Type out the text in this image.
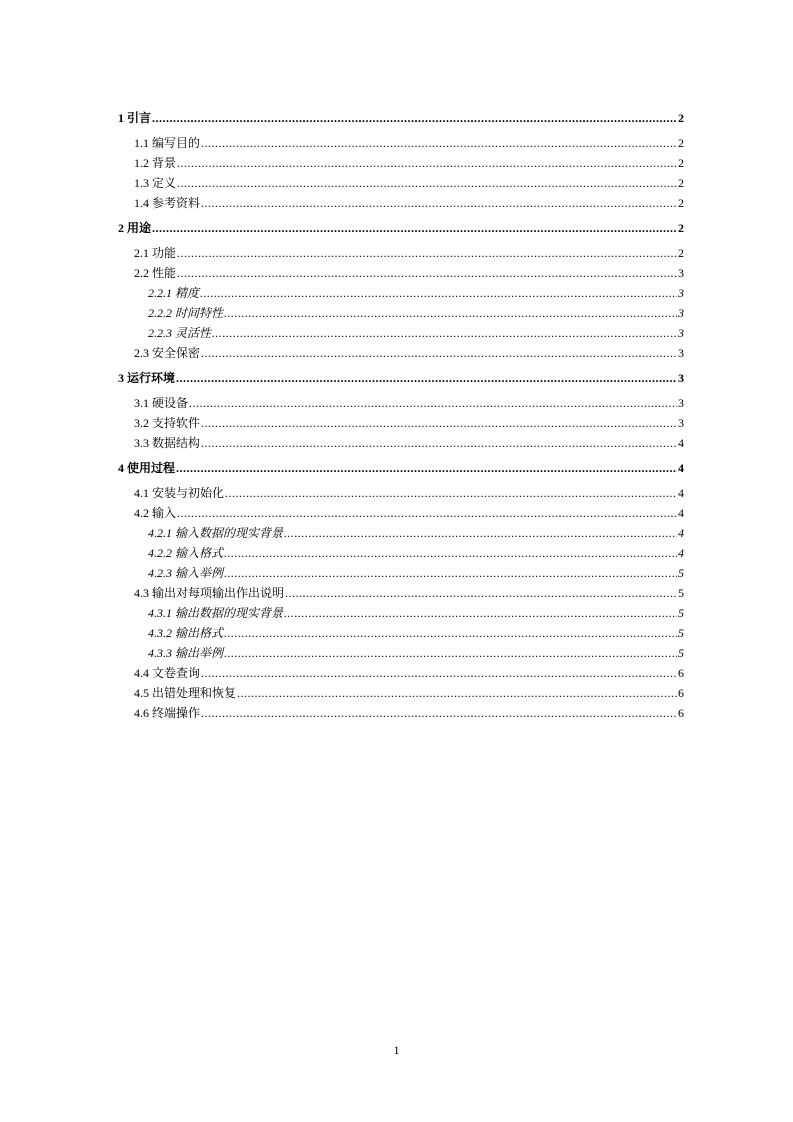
1 引言 .....	2
1.1 编写目的 .....	2
1.2 背景 .....	2
1.3 定义 .....	2
1.4 参考资料 .....	2
2 用途 .....	2
2.1 功能 .....	2
2.2 性能 .....	3
2.2.1 精度 .....	3
2.2.2 时间特性 .....	3
2.2.3 灵活性 .....	3
2.3 安全保密 .....	3
3 运行环境 .....	3
3.1 硬设备 .....	3
3.2 支持软件 .....	3
3.3 数据结构 .....	4
4 使用过程 .....	4
4.1 安装与初始化 .....	4
4.2 输入 .....	4
4.2.1 输入数据的现实背景 .....	4
4.2.2 输入格式 .....	4
4.2.3 输入举例 .....	5
4.3 输出对每项输出作出说明 .....	5
4.3.1 输出数据的现实背景 .....	5
4.3.2 输出格式 .....	5
4.3.3 输出举例 .....	5
4.4 文卷查询 .....	6
4.5 出错处理和恢复 .....	6
4.6 终端操作 .....	6
1
